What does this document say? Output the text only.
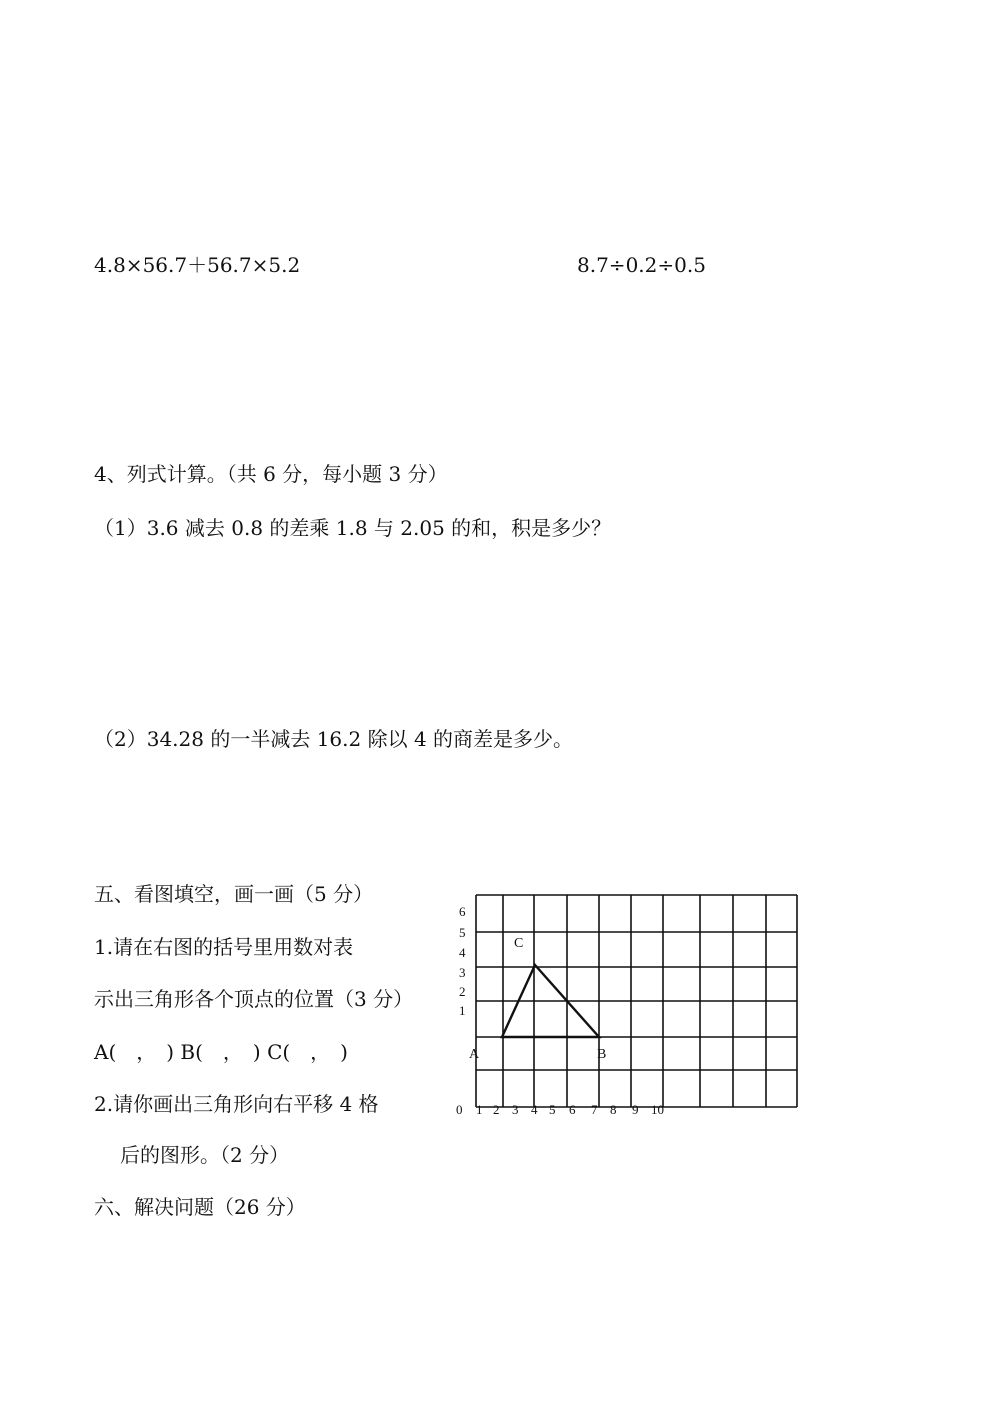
4.8×56.7＋56.7×5.2	8.7÷0.2÷0.5
4、列式计算。（共 6 分，每小题 3 分）
（1）3.6 减去 0.8 的差乘 1.8 与 2.05 的和，积是多少？
（2）34.28 的一半减去 16.2 除以 4 的商差是多少。
五、看图填空，画一画（5 分）
1.请在右图的括号里用数对表
示出三角形各个顶点的位置（3 分）
A(　，　) B(　，　) C(　，　)
2.请你画出三角形向右平移 4 格
后的图形。（2 分）
六、解决问题（26 分）
C
A	B
1
2
3
4
5
6
0 1 2 3 4 5 6 7 8 9 10
